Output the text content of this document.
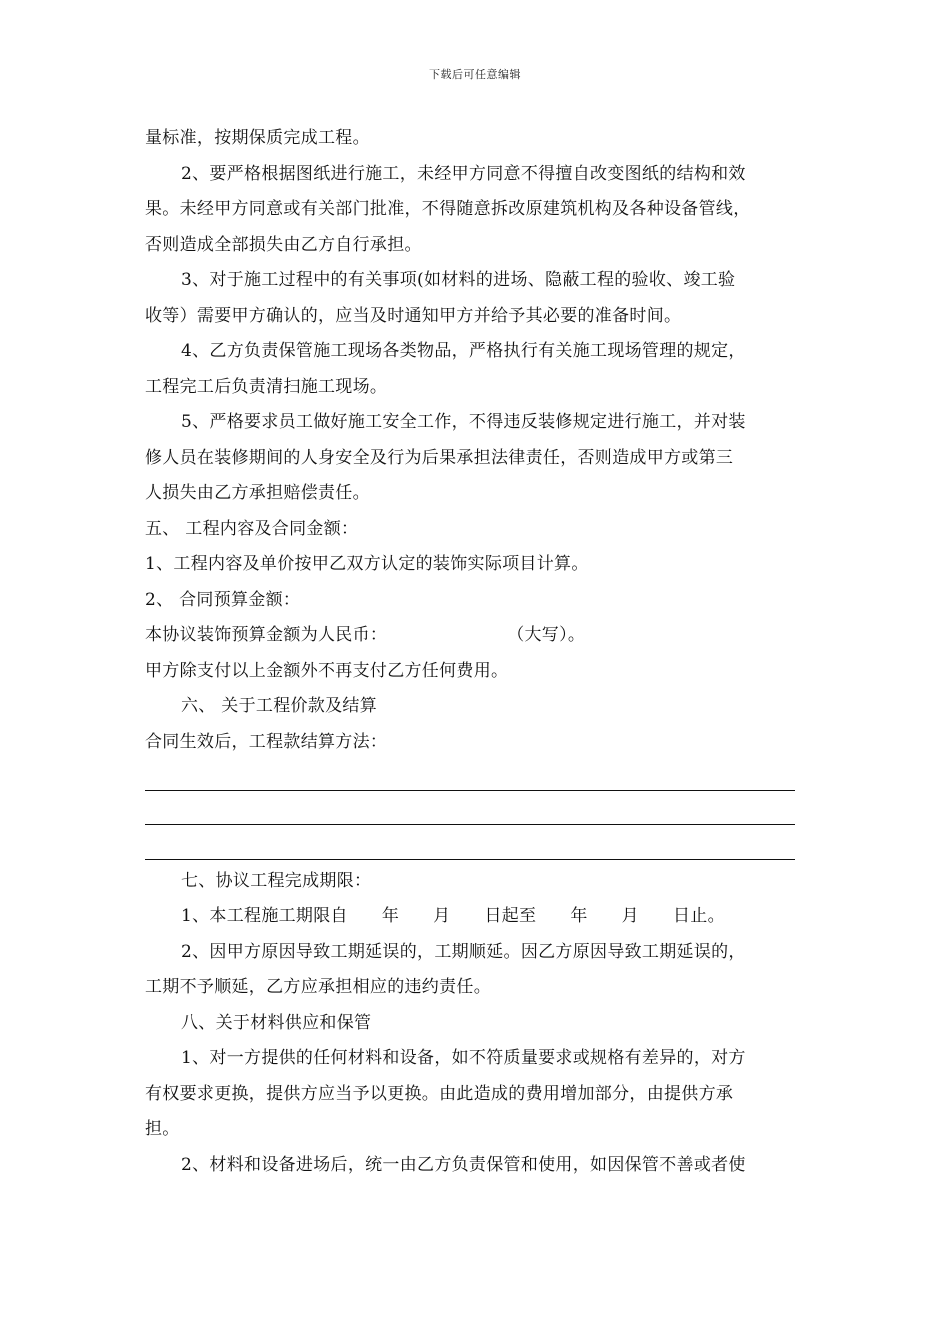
下载后可任意编辑
量标准，按期保质完成工程。
2、要严格根据图纸进行施工，未经甲方同意不得擅自改变图纸的结构和效
果。未经甲方同意或有关部门批准，不得随意拆改原建筑机构及各种设备管线，
否则造成全部损失由乙方自行承担。
3、对于施工过程中的有关事项(如材料的进场、隐蔽工程的验收、竣工验
收等）需要甲方确认的，应当及时通知甲方并给予其必要的准备时间。
4、乙方负责保管施工现场各类物品，严格执行有关施工现场管理的规定，
工程完工后负责清扫施工现场。
5、严格要求员工做好施工安全工作，不得违反装修规定进行施工，并对装
修人员在装修期间的人身安全及行为后果承担法律责任，否则造成甲方或第三
人损失由乙方承担赔偿责任。
五、 工程内容及合同金额：
1、工程内容及单价按甲乙双方认定的装饰实际项目计算。
2、 合同预算金额：
本协议装饰预算金额为人民币：	（大写）。
甲方除支付以上金额外不再支付乙方任何费用。
六、 关于工程价款及结算
合同生效后，工程款结算方法：
七、协议工程完成期限：
1、本工程施工期限自 年 月 日起至 年 月 日止。
2、因甲方原因导致工期延误的，工期顺延。因乙方原因导致工期延误的，
工期不予顺延，乙方应承担相应的违约责任。
八、关于材料供应和保管
1、对一方提供的任何材料和设备，如不符质量要求或规格有差异的，对方
有权要求更换，提供方应当予以更换。由此造成的费用增加部分，由提供方承
担。
2、材料和设备进场后，统一由乙方负责保管和使用，如因保管不善或者使
